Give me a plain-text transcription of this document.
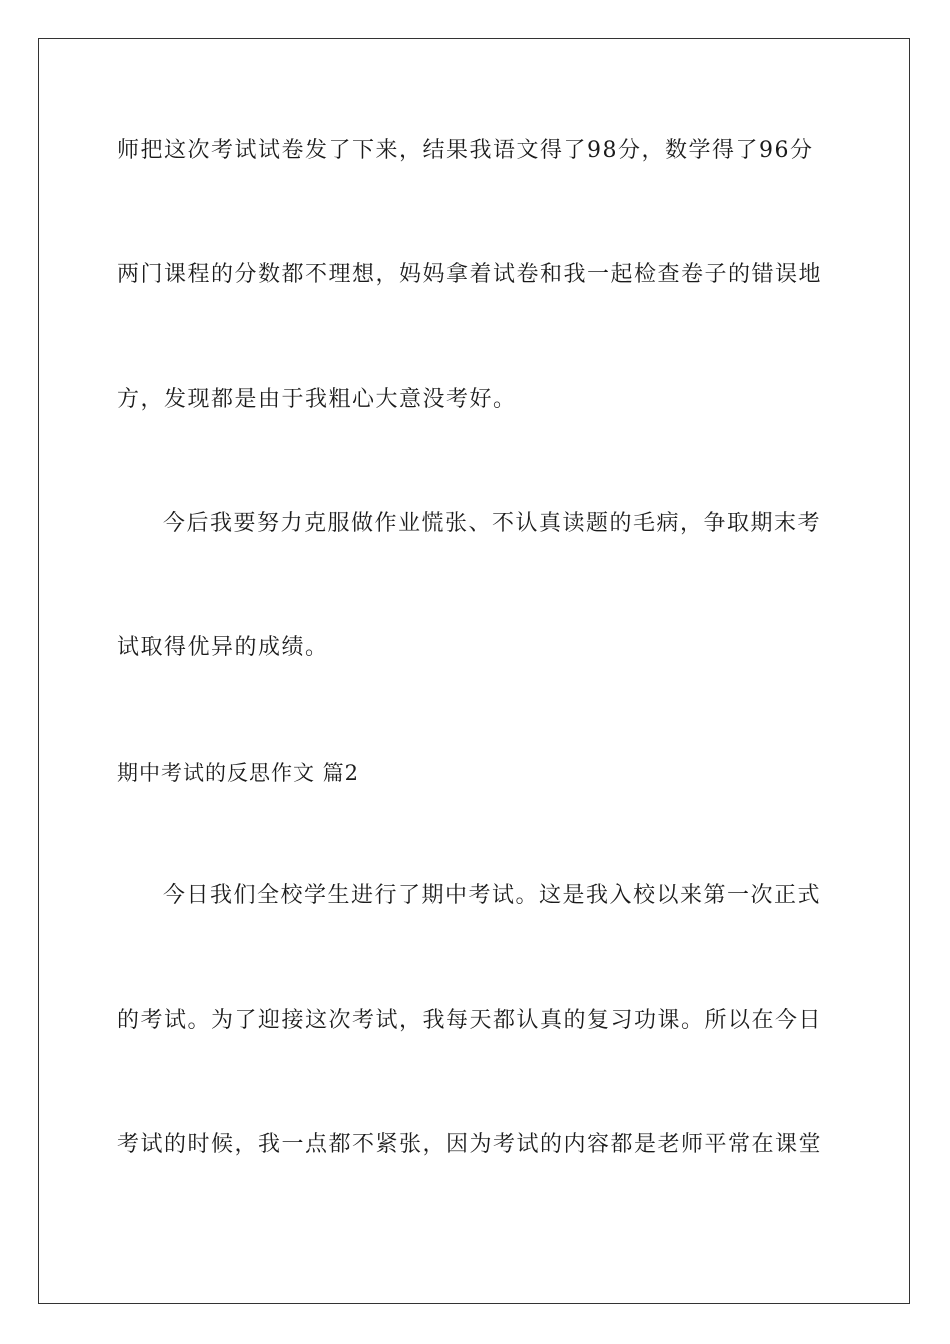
师把这次考试试卷发了下来，结果我语文得了98分，数学得了96分
两门课程的分数都不理想，妈妈拿着试卷和我一起检查卷子的错误地
方，发现都是由于我粗心大意没考好。
今后我要努力克服做作业慌张、不认真读题的毛病，争取期末考
试取得优异的成绩。
期中考试的反思作文 篇2
今日我们全校学生进行了期中考试。这是我入校以来第一次正式
的考试。为了迎接这次考试，我每天都认真的复习功课。所以在今日
考试的时候，我一点都不紧张，因为考试的内容都是老师平常在课堂
